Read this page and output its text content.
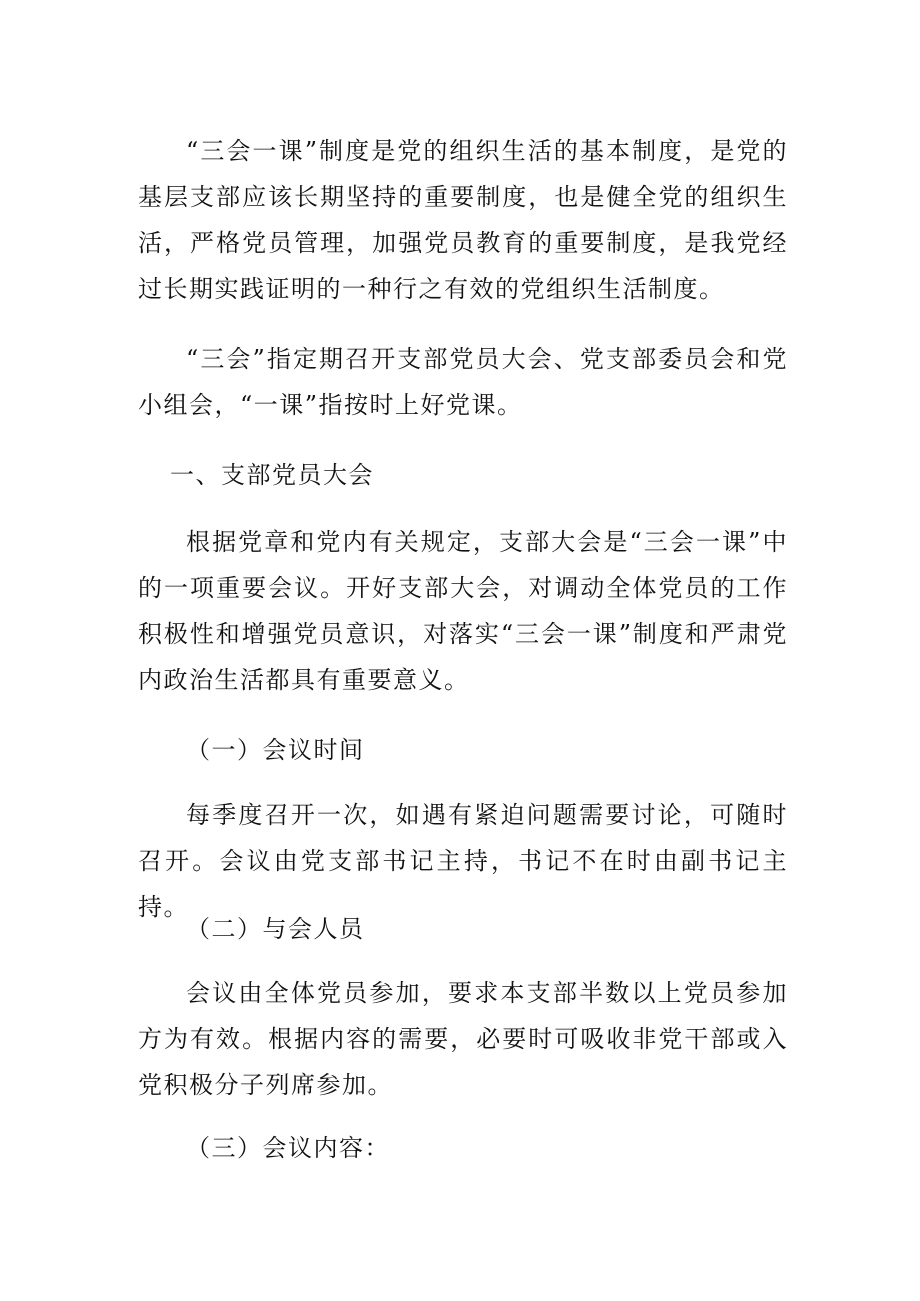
“三会一课”制度是党的组织生活的基本制度，是党的基层支部应该长期坚持的重要制度，也是健全党的组织生活，严格党员管理，加强党员教育的重要制度，是我党经过长期实践证明的一种行之有效的党组织生活制度。

“三会”指定期召开支部党员大会、党支部委员会和党小组会，“一课”指按时上好党课。

一、支部党员大会

根据党章和党内有关规定，支部大会是“三会一课”中的一项重要会议。开好支部大会，对调动全体党员的工作积极性和增强党员意识，对落实“三会一课”制度和严肃党内政治生活都具有重要意义。

（一）会议时间

每季度召开一次，如遇有紧迫问题需要讨论，可随时召开。会议由党支部书记主持，书记不在时由副书记主持。

（二）与会人员

会议由全体党员参加，要求本支部半数以上党员参加方为有效。根据内容的需要，必要时可吸收非党干部或入党积极分子列席参加。

（三）会议内容：
